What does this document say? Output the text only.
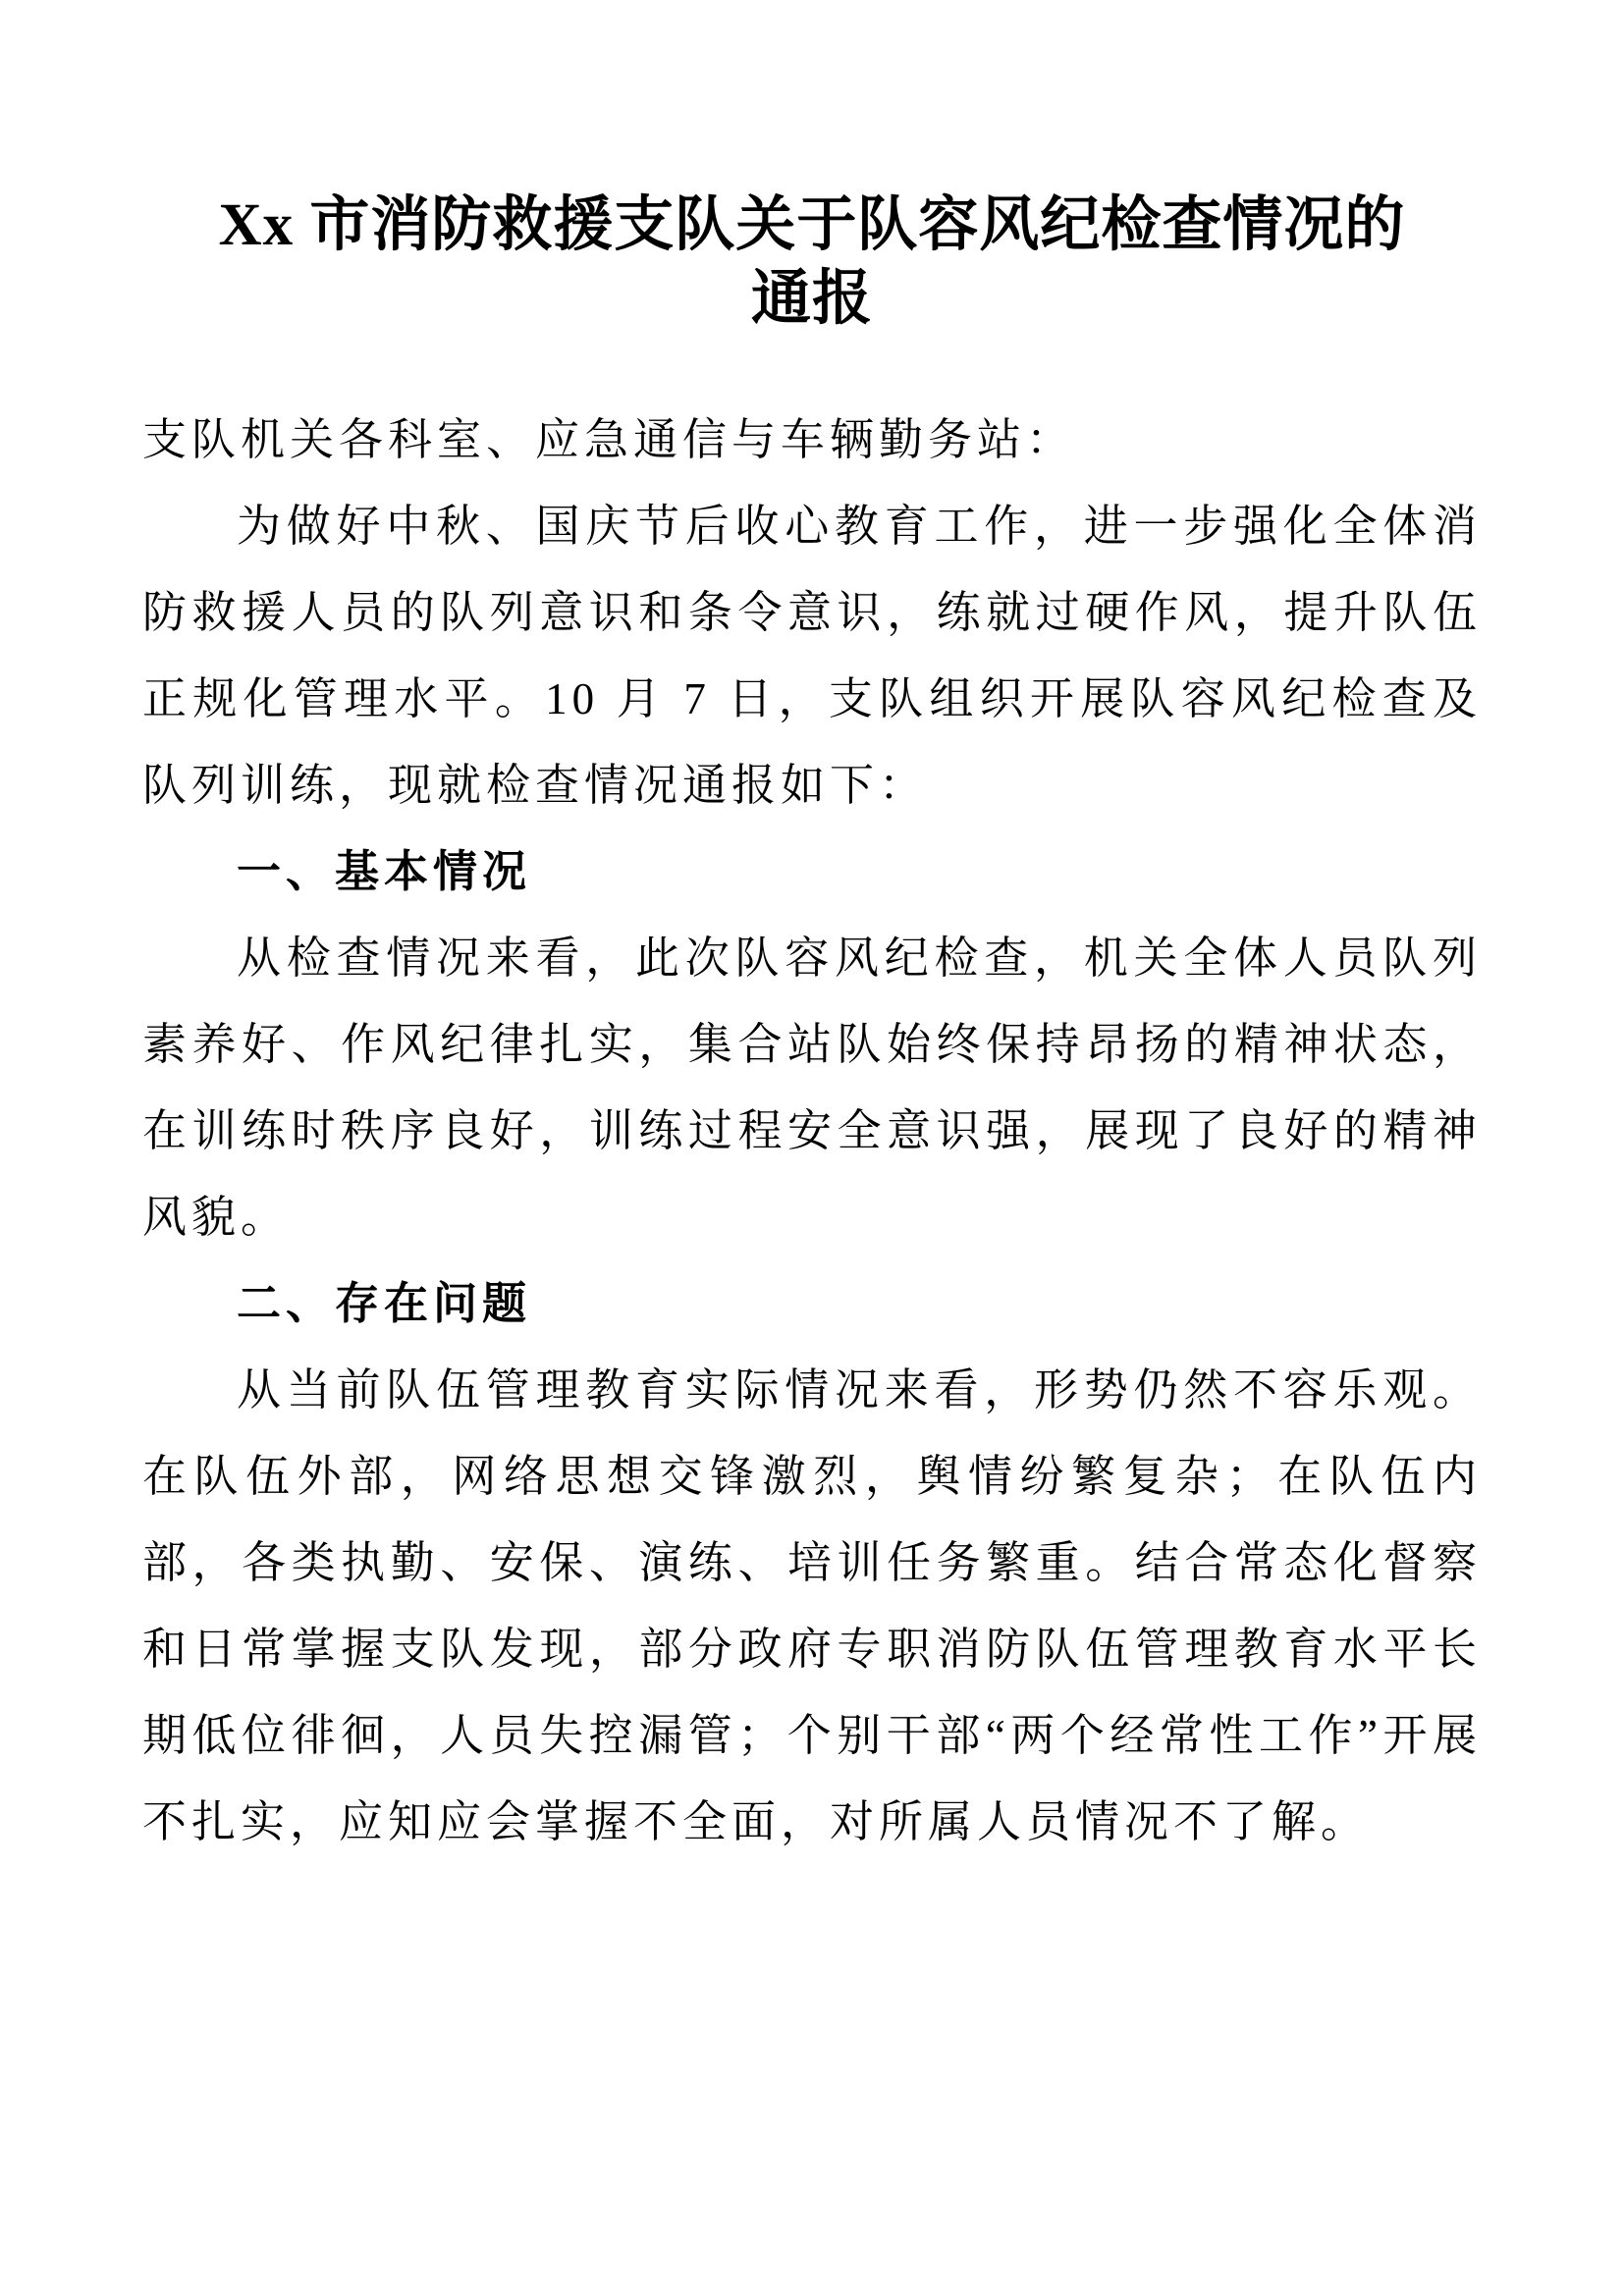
Xx 市消防救援支队关于队容风纪检查情况的通报

支队机关各科室、应急通信与车辆勤务站：

为做好中秋、国庆节后收心教育工作，进一步强化全体消防救援人员的队列意识和条令意识，练就过硬作风，提升队伍正规化管理水平。10 月 7 日，支队组织开展队容风纪检查及队列训练，现就检查情况通报如下：

一、基本情况

从检查情况来看，此次队容风纪检查，机关全体人员队列素养好、作风纪律扎实，集合站队始终保持昂扬的精神状态，在训练时秩序良好，训练过程安全意识强，展现了良好的精神风貌。

二、存在问题

从当前队伍管理教育实际情况来看，形势仍然不容乐观。在队伍外部，网络思想交锋激烈，舆情纷繁复杂；在队伍内部，各类执勤、安保、演练、培训任务繁重。结合常态化督察和日常掌握支队发现，部分政府专职消防队伍管理教育水平长期低位徘徊，人员失控漏管；个别干部“两个经常性工作”开展不扎实，应知应会掌握不全面，对所属人员情况不了解。
